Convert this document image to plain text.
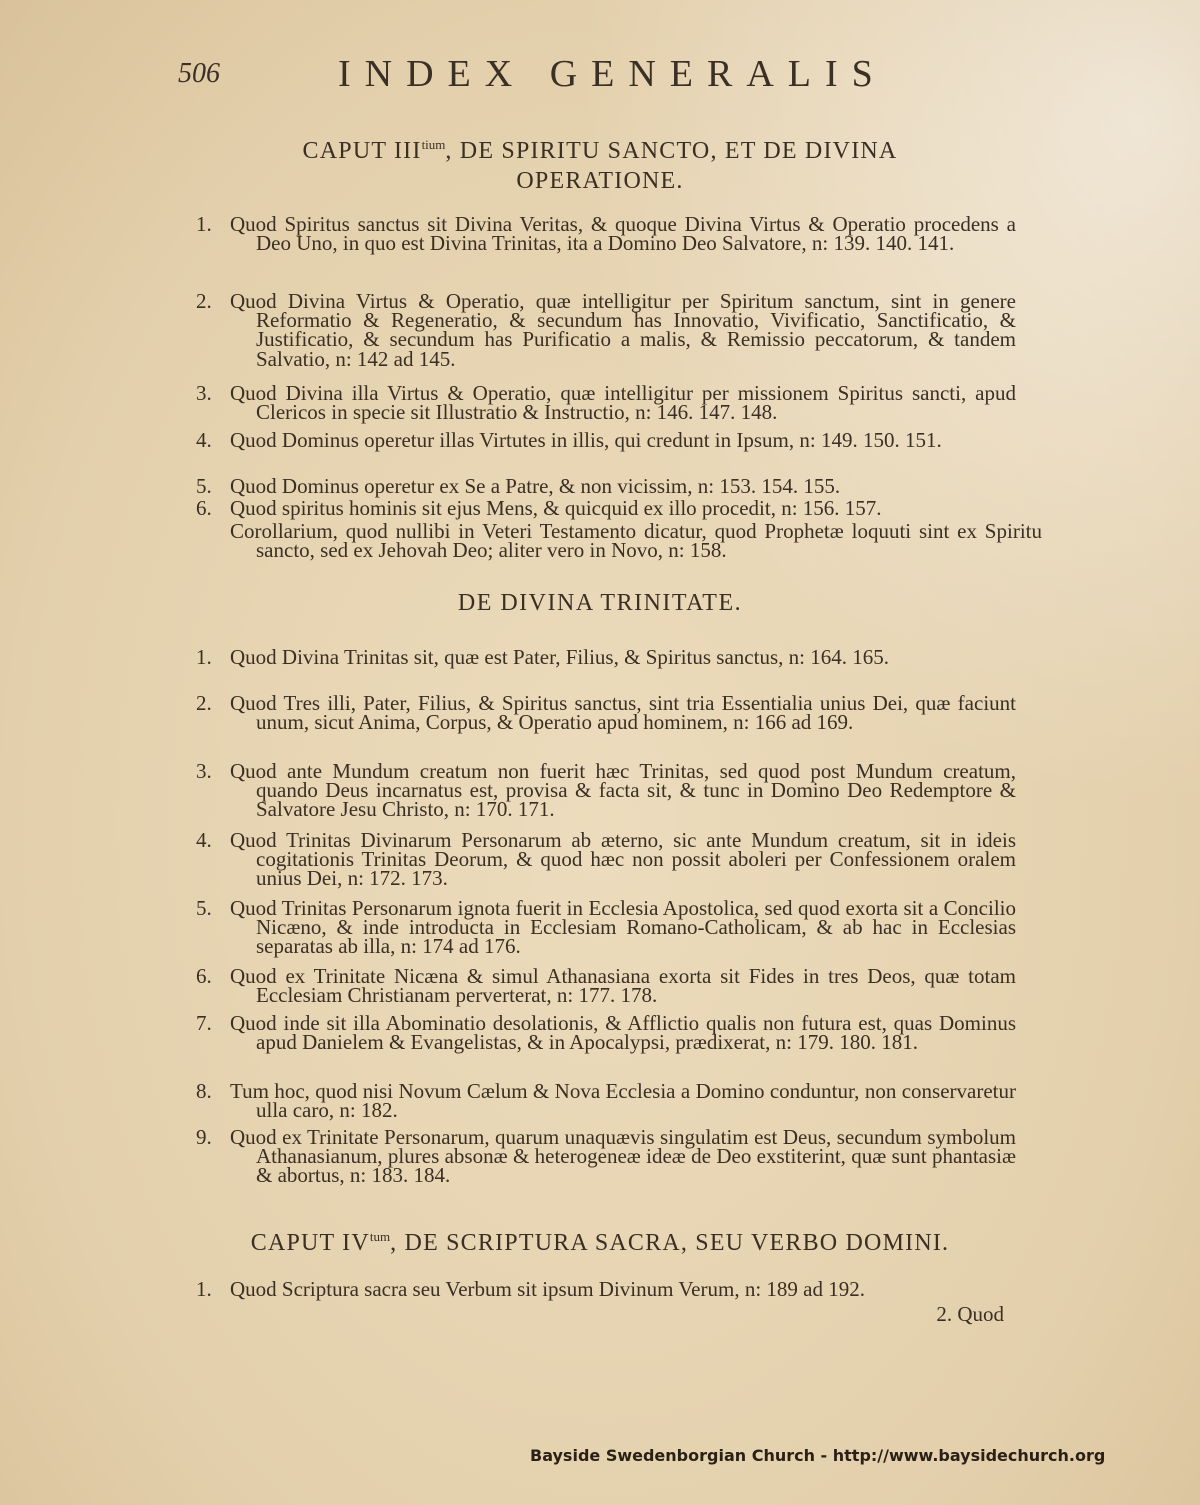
506	INDEX GENERALIS
CAPUT $III^{tium}$, DE SPIRITU SANCTO, ET DE DIVINA
OPERATIONE.
1. Quod Spiritus sanctus sit Divina Veritas, & quoque Divina Virtus & Operatio procedens a Deo Uno, in quo est Divina Trinitas, ita a Domino Deo Salvatore, n: 139. 140. 141.
2. Quod Divina Virtus & Operatio, quæ intelligitur per Spiritum sanctum, sint in genere Reformatio & Regeneratio, & secundum has Innovatio, Vivificatio, Sanctificatio, & Justificatio, & secundum has Purificatio a malis, & Remissio peccatorum, & tandem Salvatio, n: 142 ad 145.
3. Quod Divina illa Virtus & Operatio, quæ intelligitur per missionem Spiritus sancti, apud Clericos in specie sit Illustratio & Instructio, n: 146. 147. 148.
4. Quod Dominus operetur illas Virtutes in illis, qui credunt in Ipsum, n: 149. 150. 151.
5. Quod Dominus operetur ex Se a Patre, & non vicissim, n: 153. 154. 155.
6. Quod spiritus hominis sit ejus Mens, & quicquid ex illo procedit, n: 156. 157.
Corollarium, quod nullibi in Veteri Testamento dicatur, quod Prophetæ loquuti sint ex Spiritu sancto, sed ex Jehovah Deo; aliter vero in Novo, n: 158.
DE DIVINA TRINITATE.
1. Quod Divina Trinitas sit, quæ est Pater, Filius, & Spiritus sanctus, n: 164. 165.
2. Quod Tres illi, Pater, Filius, & Spiritus sanctus, sint tria Essentialia unius Dei, quæ faciunt unum, sicut Anima, Corpus, & Operatio apud hominem, n: 166 ad 169.
3. Quod ante Mundum creatum non fuerit hæc Trinitas, sed quod post Mundum creatum, quando Deus incarnatus est, provisa & facta sit, & tunc in Domino Deo Redemptore & Salvatore Jesu Christo, n: 170. 171.
4. Quod Trinitas Divinarum Personarum ab æterno, sic ante Mundum creatum, sit in ideis cogitationis Trinitas Deorum, & quod hæc non possit aboleri per Confessionem oralem unius Dei, n: 172. 173.
5. Quod Trinitas Personarum ignota fuerit in Ecclesia Apostolica, sed quod exorta sit a Concilio Nicæno, & inde introducta in Ecclesiam Romano-Catholicam, & ab hac in Ecclesias separatas ab illa, n: 174 ad 176.
6. Quod ex Trinitate Nicæna & simul Athanasiana exorta sit Fides in tres Deos, quæ totam Ecclesiam Christianam perverterat, n: 177. 178.
7. Quod inde sit illa Abominatio desolationis, & Afflictio qualis non futura est, quas Dominus apud Danielem & Evangelistas, & in Apocalypsi, prædixerat, n: 179. 180. 181.
8. Tum hoc, quod nisi Novum Cælum & Nova Ecclesia a Domino conduntur, non conservaretur ulla caro, n: 182.
9. Quod ex Trinitate Personarum, quarum unaquævis singulatim est Deus, secundum symbolum Athanasianum, plures absonæ & heterogeneæ ideæ de Deo exstiterint, quæ sunt phantasiæ & abortus, n: 183. 184.
CAPUT $IV^{tum}$, DE SCRIPTURA SACRA, SEU VERBO DOMINI.
1. Quod Scriptura sacra seu Verbum sit ipsum Divinum Verum, n: 189 ad 192.
2. Quod
Bayside Swedenborgian Church - http://www.baysidechurch.org
